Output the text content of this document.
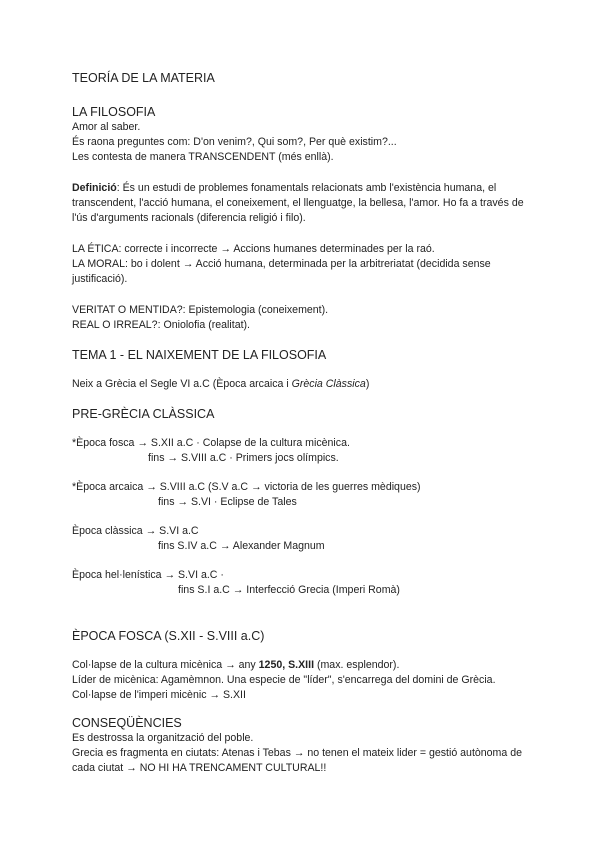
TEORÍA DE LA MATERIA
LA FILOSOFIA
Amor al saber.
És raona preguntes com: D'on venim?, Qui som?, Per què existim?...
Les contesta de manera TRANSCENDENT (més enllà).
Definició: És un estudi de problemes fonamentals relacionats amb l'existència humana, el transcendent, l'acció humana, el coneixement, el llenguatge, la bellesa, l'amor. Ho fa a través de l'ús d'arguments racionals (diferencia religió i filo).
LA ÉTICA: correcte i incorrecte → Accions humanes determinades per la raó.
LA MORAL: bo i dolent → Acció humana, determinada per la arbitreriatat (decidida sense justificació).
VERITAT O MENTIDA?: Epistemologia (coneixement).
REAL O IRREAL?: Oniolofia (realitat).
TEMA 1 - EL NAIXEMENT DE LA FILOSOFIA
Neix a Grècia el Segle VI a.C (Època arcaica i Grècia Clàssica)
PRE-GRÈCIA CLÀSSICA
*Època fosca → S.XII a.C · Colapse de la cultura micènica.
fins → S.VIII a.C · Primers jocs olímpics.
*Època arcaica → S.VIII a.C (S.V a.C → victoria de les guerres mèdiques)
fins → S.VI · Eclipse de Tales
Època clàssica → S.VI a.C
fins S.IV a.C → Alexander Magnum
Època hel·lenística → S.VI a.C ·
fins S.I a.C → Interfecció Grecia (Imperi Romà)
ÈPOCA FOSCA (S.XII - S.VIII a.C)
Col·lapse de la cultura micènica → any 1250, S.XIII (max. esplendor).
Líder de micènica: Agamèmnon. Una especie de "líder", s'encarrega del domini de Grècia.
Col·lapse de l'imperi micènic → S.XII
CONSEQÜÈNCIES
Es destrossa la organització del poble.
Grecia es fragmenta en ciutats: Atenas i Tebas → no tenen el mateix lider = gestió autònoma de cada ciutat → NO HI HA TRENCAMENT CULTURAL!!
